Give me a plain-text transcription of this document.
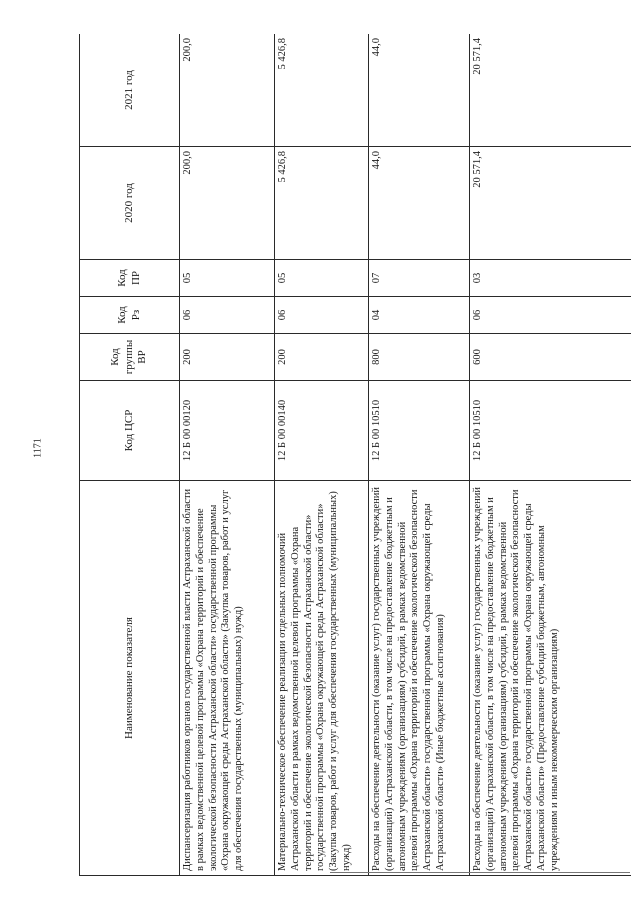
1171
Наименование показателя	Код ЦСР	Код группы ВР	Код Рз	Код ПР	2020 год	2021 год
Диспансеризация работников органов государственной власти Астраханской области в рамках ведомственной целевой программы «Охрана территорий и обеспечение экологической безопасности Астраханской области» государственной программы «Охрана окружающей среды Астраханской области» (Закупка товаров, работ и услуг для обеспечения государственных (муниципальных) нужд)	12 Б 00 00120	200	06	05	200,0	200,0
Материально-техническое обеспечение реализации отдельных полномочий Астраханской области в рамках ведомственной целевой программы «Охрана территорий и обеспечение экологической безопасности Астраханской области» государственной программы «Охрана окружающей среды Астраханской области» (Закупка товаров, работ и услуг для обеспечения государственных (муниципальных) нужд)	12 Б 00 00140	200	06	05	5 426,8	5 426,8
Расходы на обеспечение деятельности (оказание услуг) государственных учреждений (организаций) Астраханской области, в том числе на предоставление бюджетным и автономным учреждениям (организациям) субсидий, в рамках ведомственной целевой программы «Охрана территорий и обеспечение экологической безопасности Астраханской области» государственной программы «Охрана окружающей среды Астраханской области» (Иные бюджетные ассигнования)	12 Б 00 10510	800	04	07	44,0	44,0
Расходы на обеспечение деятельности (оказание услуг) государственных учреждений (организаций) Астраханской области, в том числе на предоставление бюджетным и автономным учреждениям (организациям) субсидий, в рамках ведомственной целевой программы «Охрана территорий и обеспечение экологической безопасности Астраханской области» государственной программы «Охрана окружающей среды Астраханской области» (Предоставление субсидий бюджетным, автономным учреждениям и иным некоммерческим организациям)	12 Б 00 10510	600	06	03	20 571,4	20 571,4
